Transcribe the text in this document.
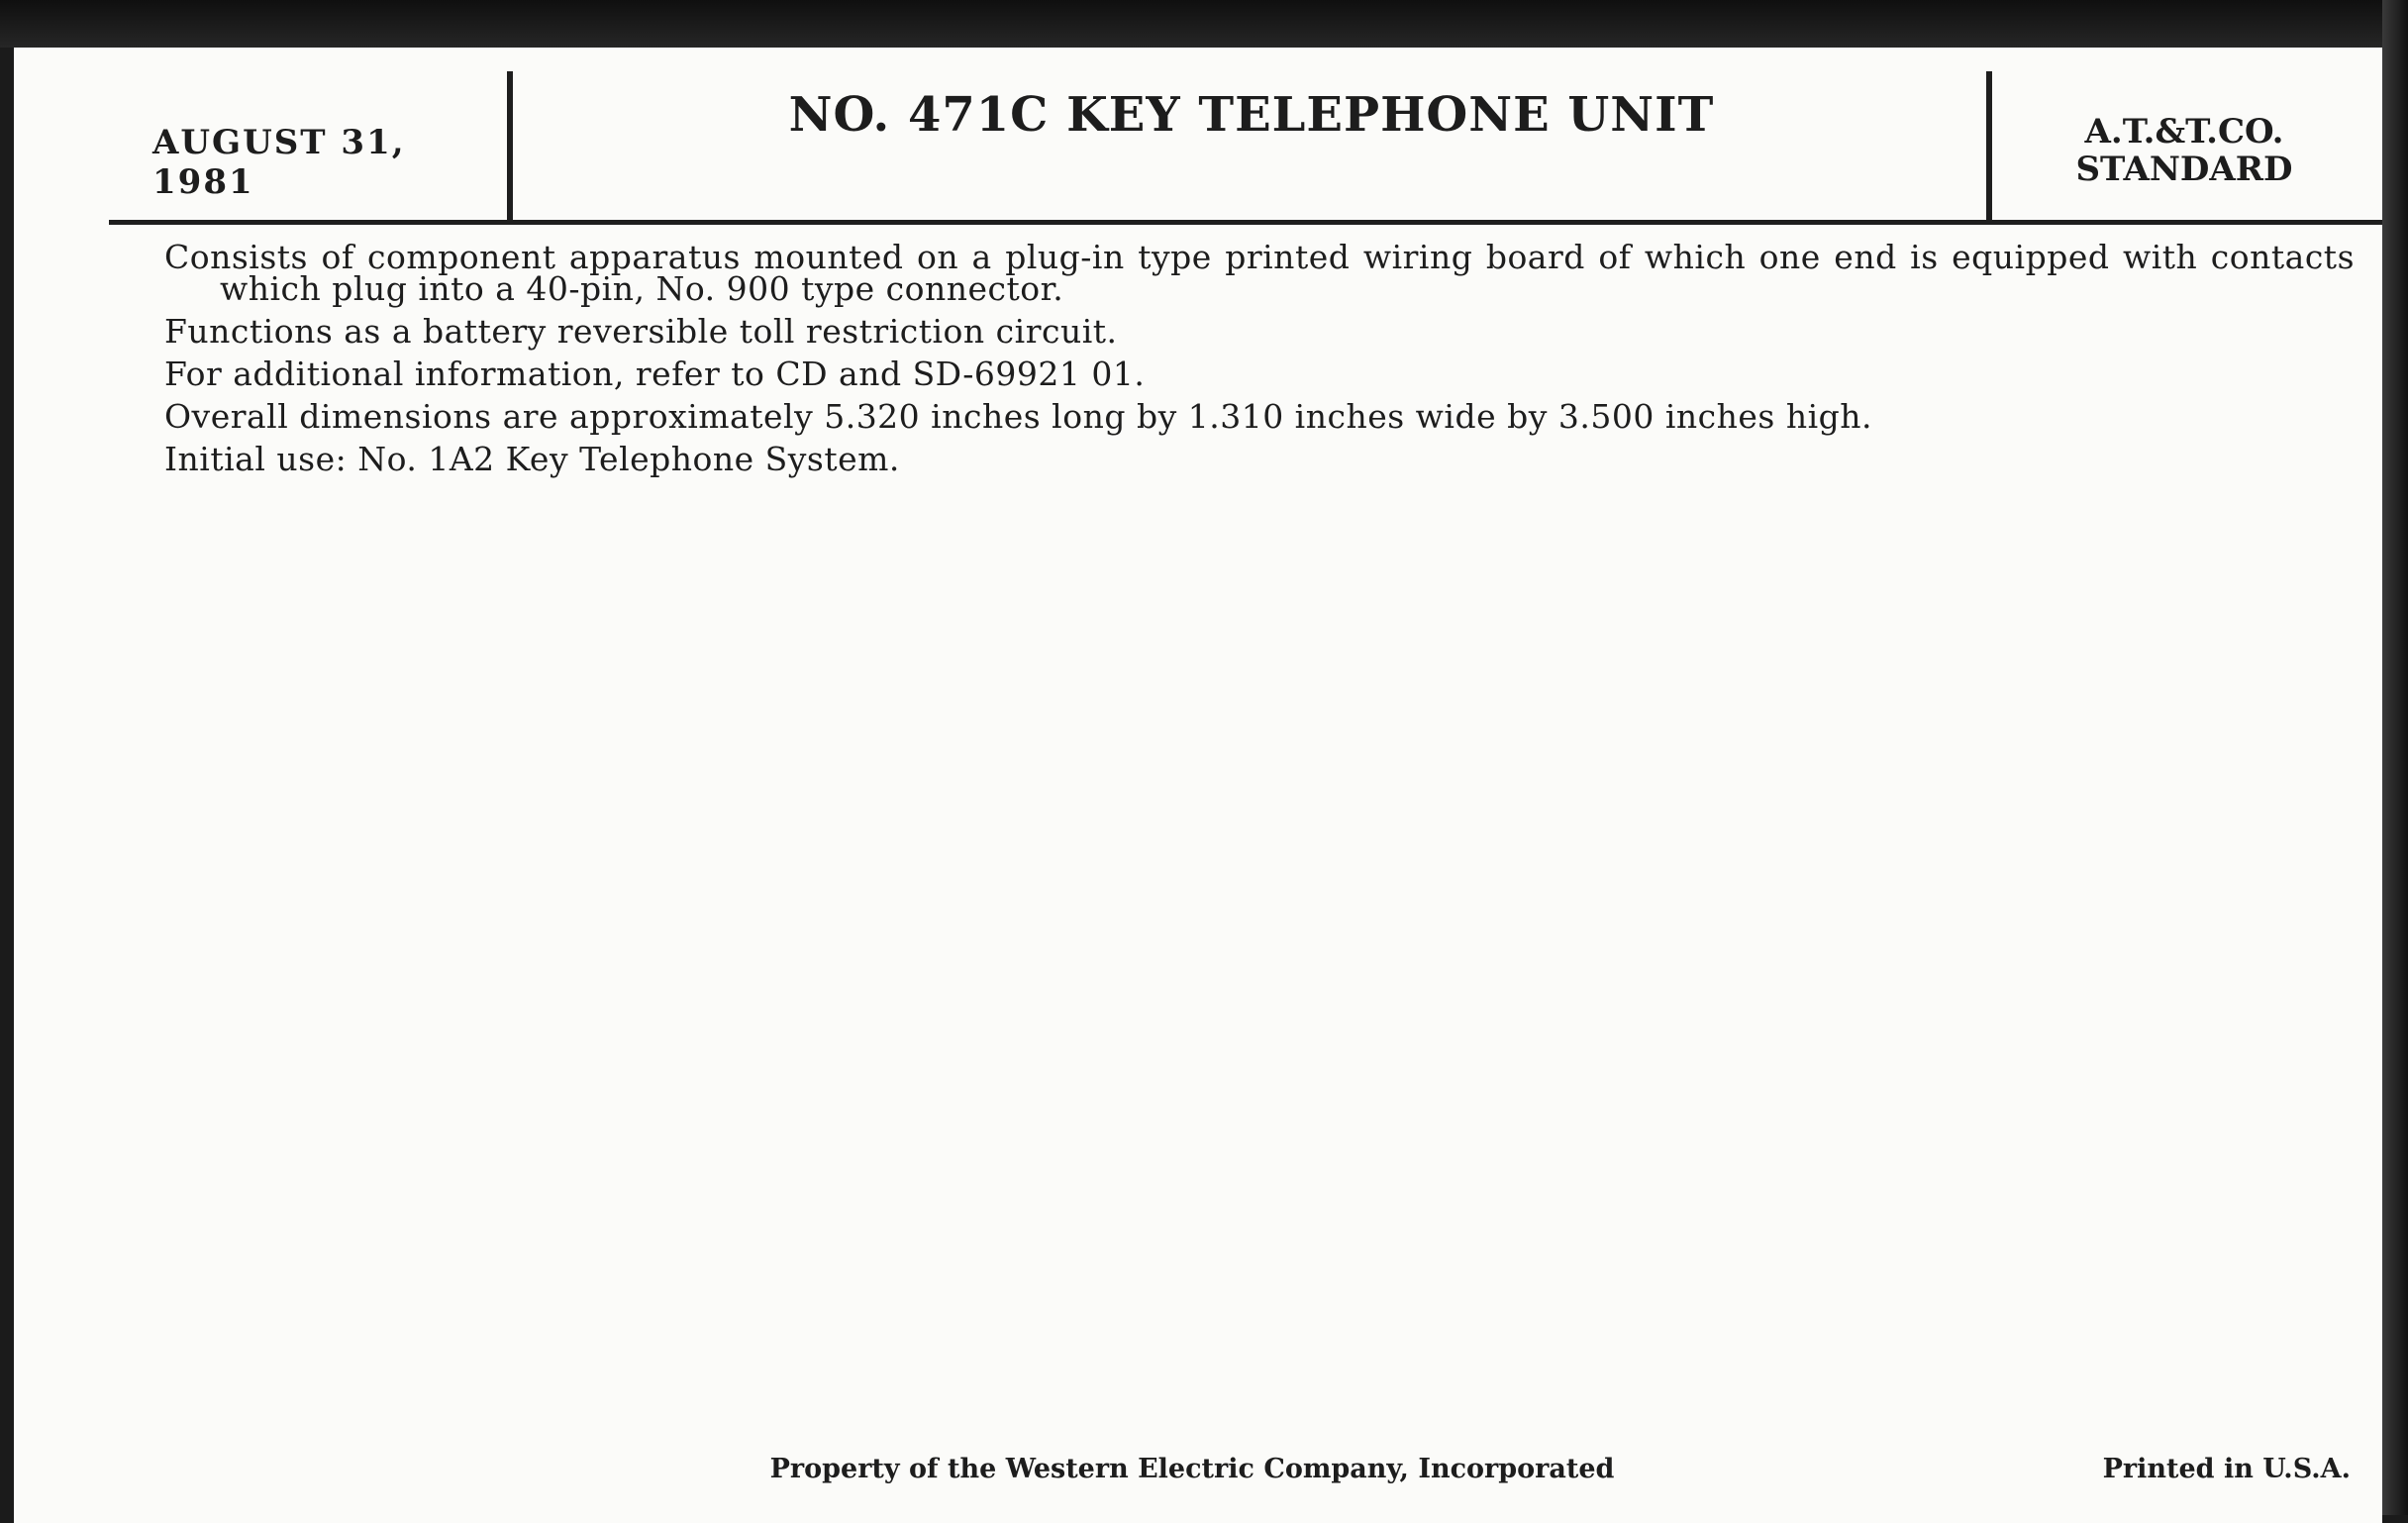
AUGUST 31, 1981
NO. 471C KEY TELEPHONE UNIT	A.T.&T.CO.
STANDARD

Consists of component apparatus mounted on a plug-in type printed wiring board of which one end is equipped with contacts which plug into a 40-pin, No. 900 type connector.

Functions as a battery reversible toll restriction circuit.

For additional information, refer to CD and SD-69921 01.

Overall dimensions are approximately 5.320 inches long by 1.310 inches wide by 3.500 inches high.

Initial use: No. 1A2 Key Telephone System.

Property of the Western Electric Company, Incorporated	Printed in U.S.A.
